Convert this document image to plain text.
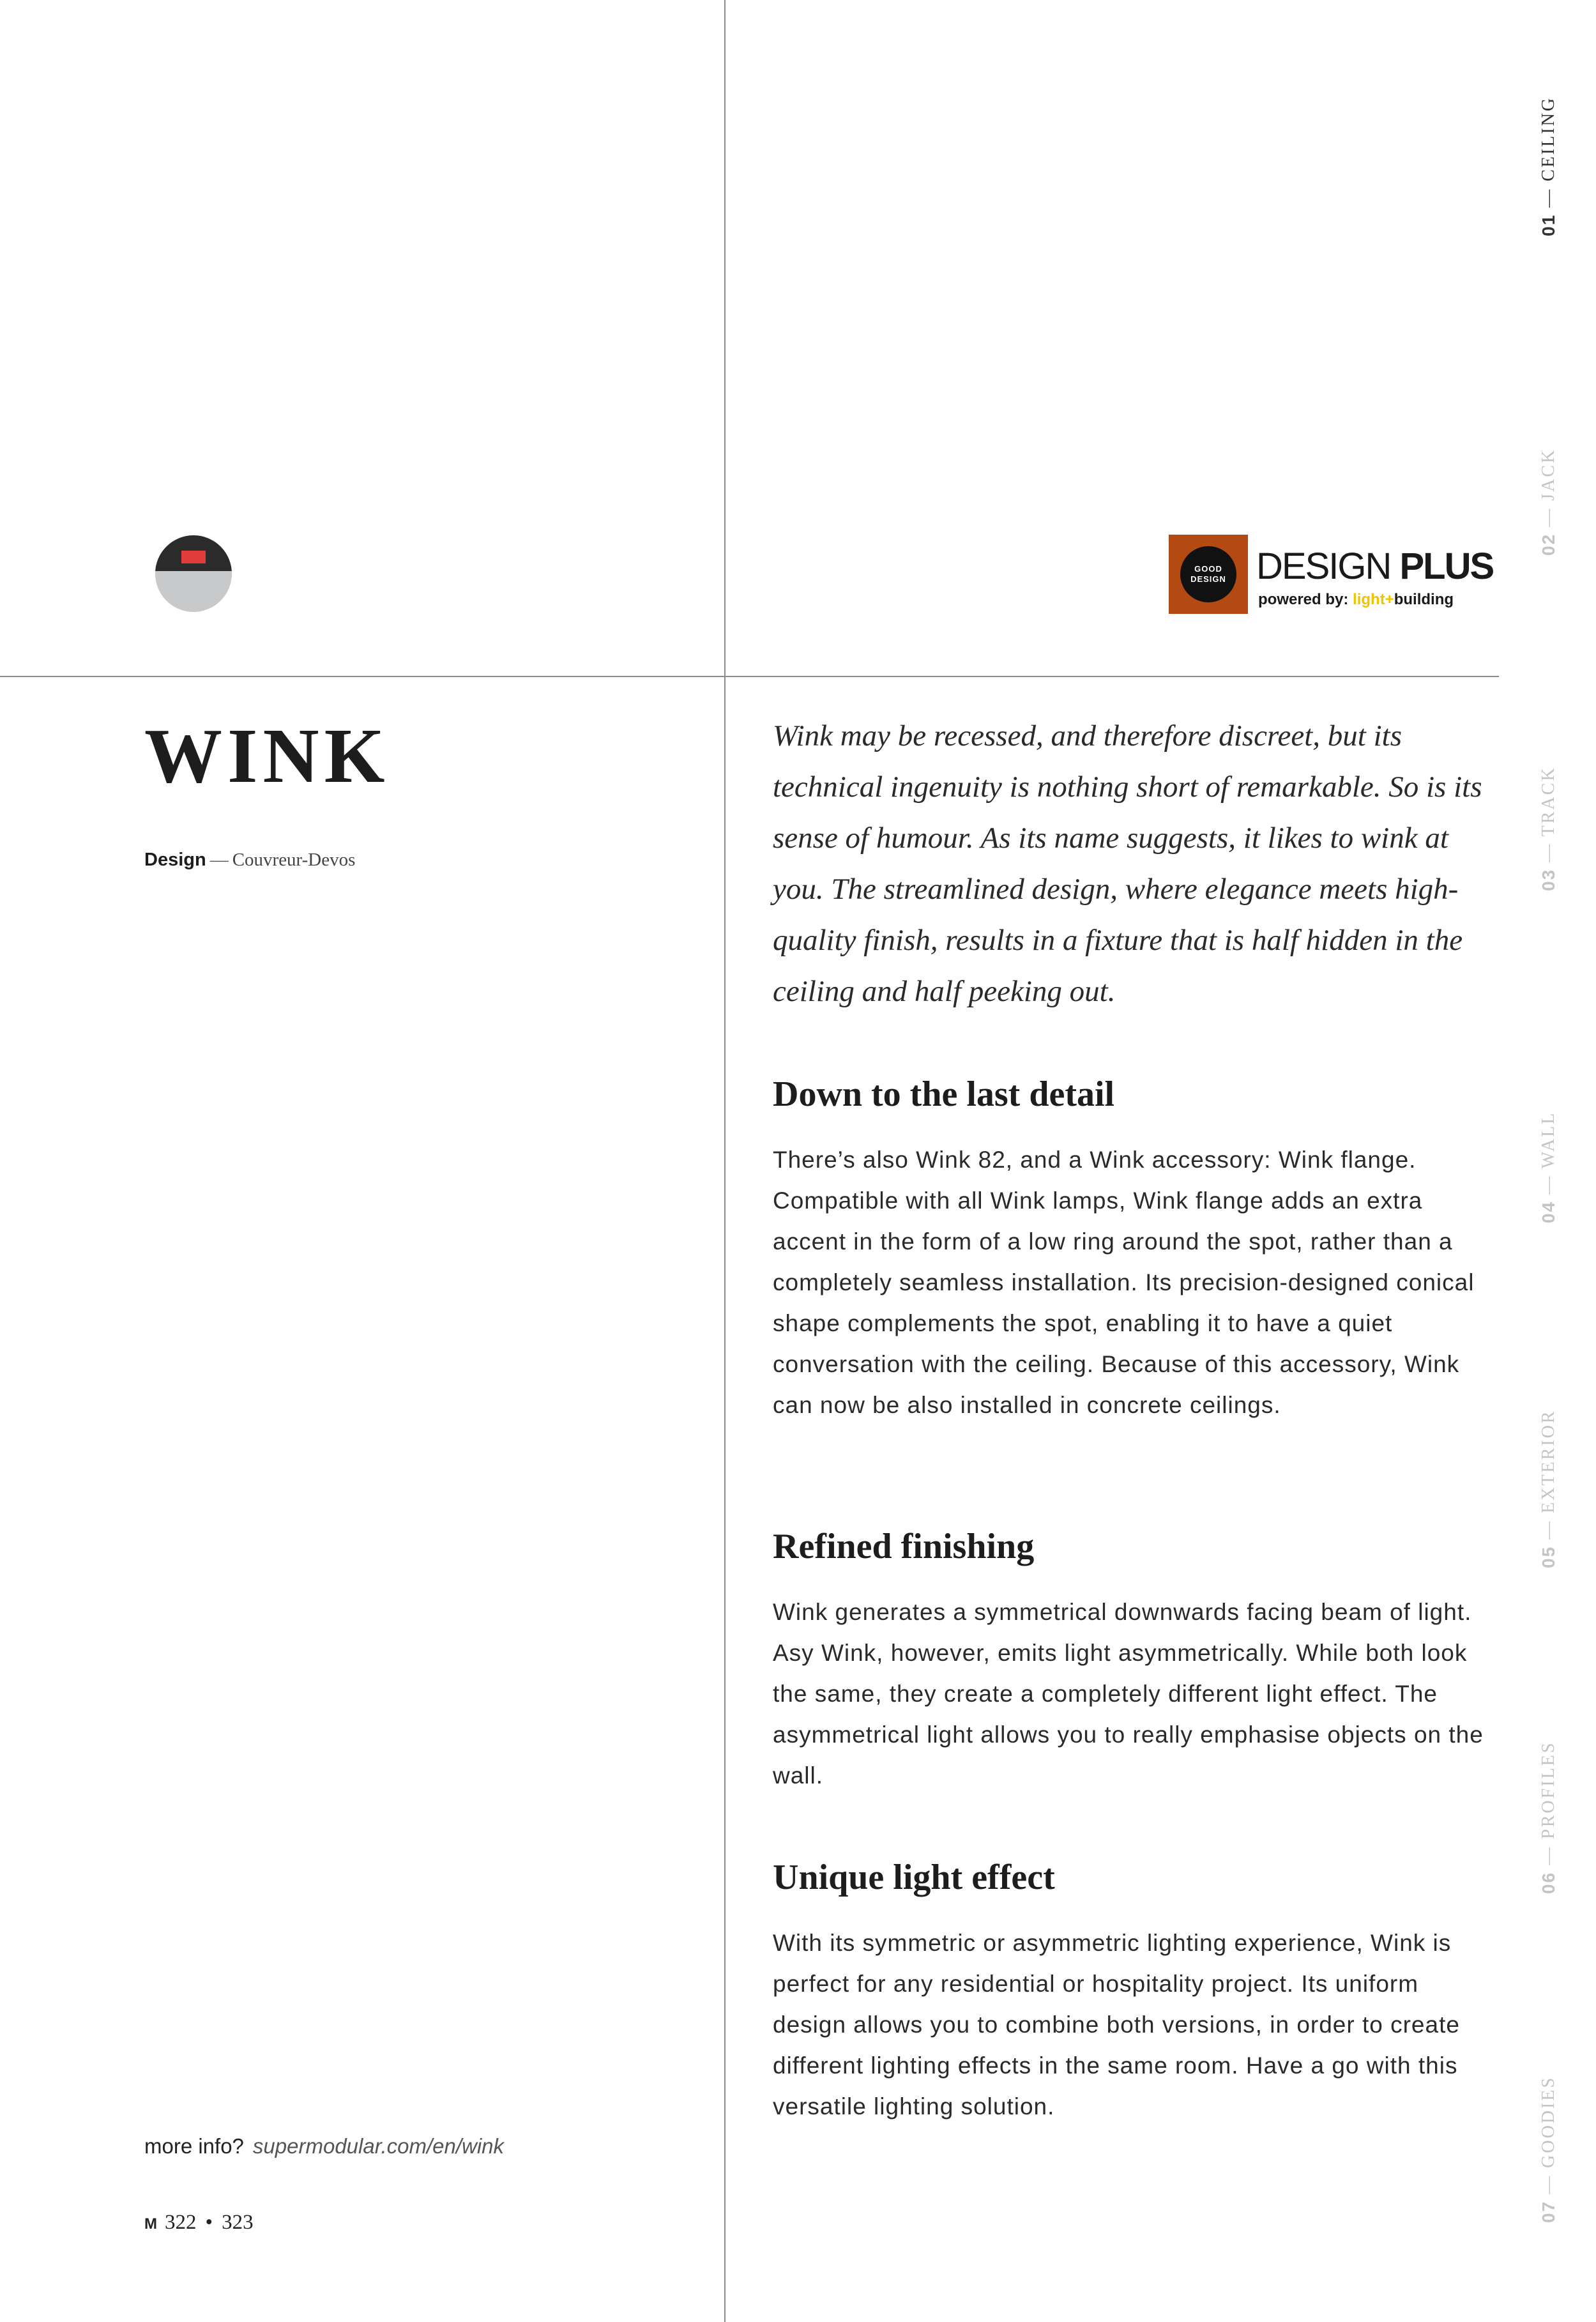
GOOD
DESIGN DESIGN PLUS
powered by: light+building
WINK
Design — Couvreur-Devos

Wink may be recessed, and therefore discreet, but its technical ingenuity is nothing short of remarkable. So is its sense of humour. As its name suggests, it likes to wink at you. The streamlined design, where elegance meets high-quality finish, results in a fixture that is half hidden in the ceiling and half peeking out.

Down to the last detail

There’s also Wink 82, and a Wink accessory: Wink flange. Compatible with all Wink lamps, Wink flange adds an extra accent in the form of a low ring around the spot, rather than a completely seamless installation. Its precision-designed conical shape complements the spot, enabling it to have a quiet conversation with the ceiling. Because of this accessory, Wink can now be also installed in concrete ceilings.

Refined finishing

Wink generates a symmetrical downwards facing beam of light. Asy Wink, however, emits light asymmetrically. While both look the same, they create a completely different light effect. The asymmetrical light allows you to really emphasise objects on the wall.

Unique light effect

With its symmetric or asymmetric lighting experience, Wink is perfect for any residential or hospitality project. Its uniform design allows you to combine both versions, in order to create different lighting effects in the same room. Have a go with this versatile lighting solution.

more info? supermodular.com/en/wink
M 322 • 323
01 — CEILING
02 — JACK
03 — TRACK
04 — WALL
05 — EXTERIOR
06 — PROFILES
07 — GOODIES
